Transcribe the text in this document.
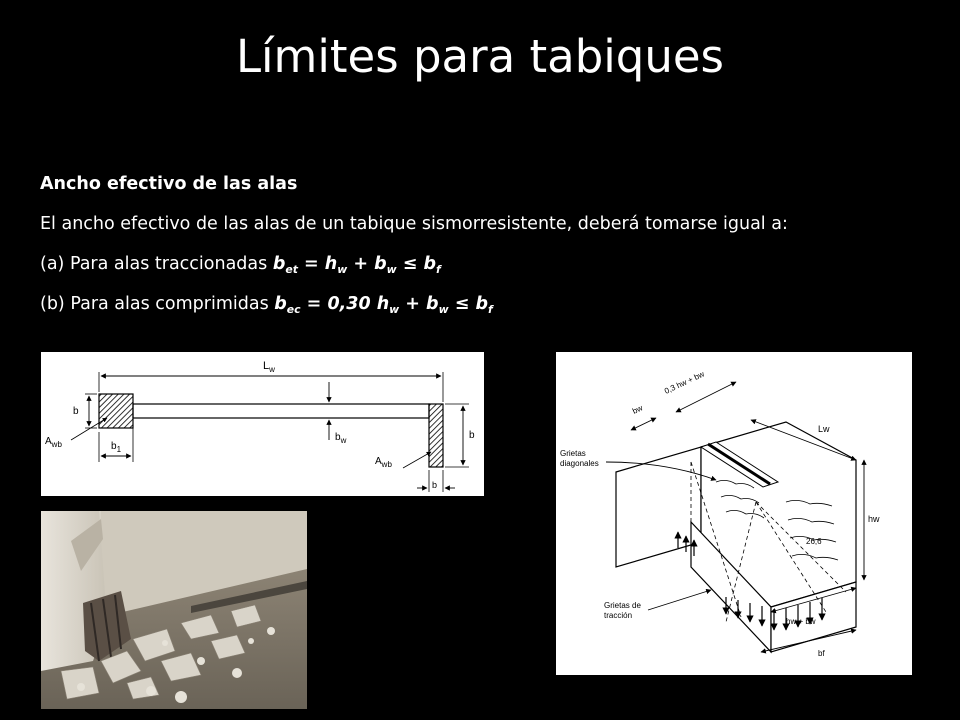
Límites para tabiques
Ancho efectivo de las alas
El ancho efectivo de las alas de un tabique sismorresistente, deberá tomarse igual a:
(a) Para alas traccionadas $b_{et} = h_w + b_w \le b_f$
(b) Para alas comprimidas $b_{ec} = 0,30$ $h_w + b_w \le b_f$
$L_w$
b
$A_{wb}$	$b_1$
$b_w$	b
$A_{wb}$
b
0,3 hw + bw
bw
Lw
hw
26,6
hw + bw
bf
Grietas diagonales
Grietas de tracción
